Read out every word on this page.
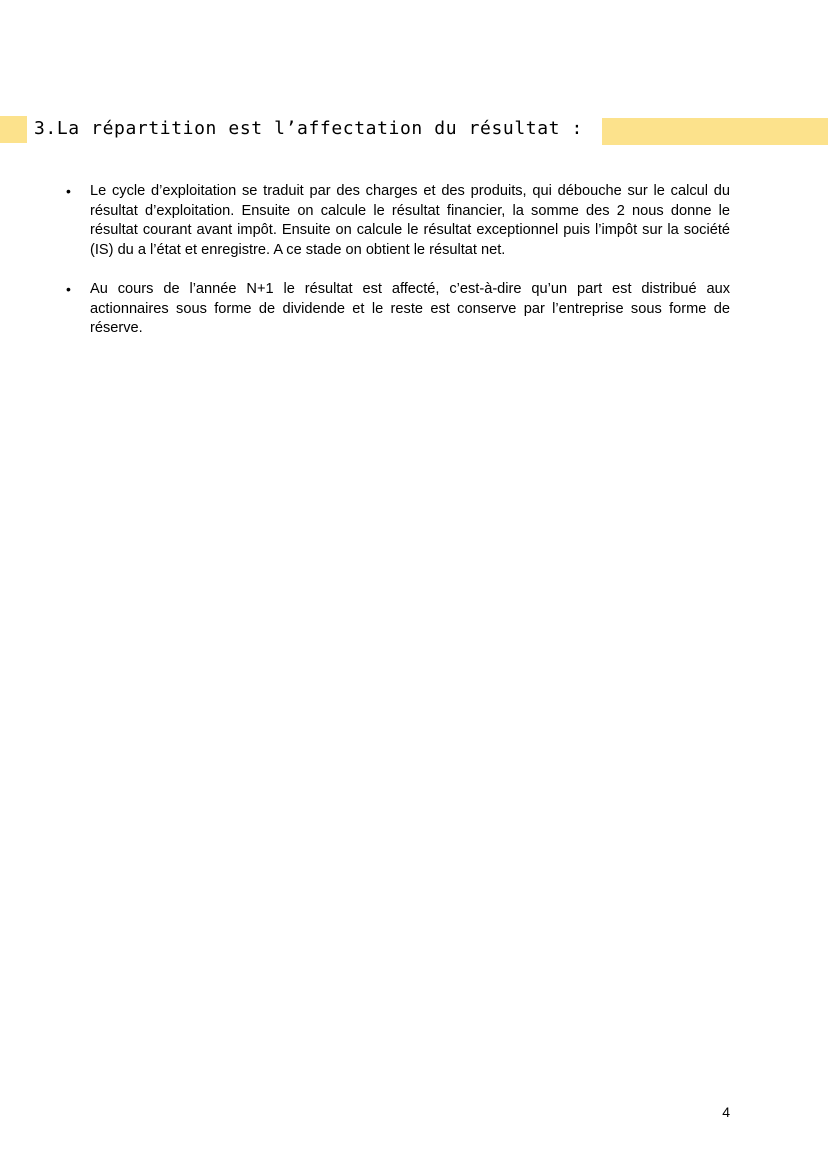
3.La répartition est l’affectation du résultat :
• Le cycle d’exploitation se traduit par des charges et des produits, qui débouche sur le calcul du résultat d’exploitation. Ensuite on calcule le résultat financier, la somme des 2 nous donne le résultat courant avant impôt. Ensuite on calcule le résultat exceptionnel puis l’impôt sur la société (IS) du a l’état et enregistre. A ce stade on obtient le résultat net.
• Au cours de l’année N+1 le résultat est affecté, c’est-à-dire qu’un part est distribué aux actionnaires sous forme de dividende et le reste est conserve par l’entreprise sous forme de réserve.
4
